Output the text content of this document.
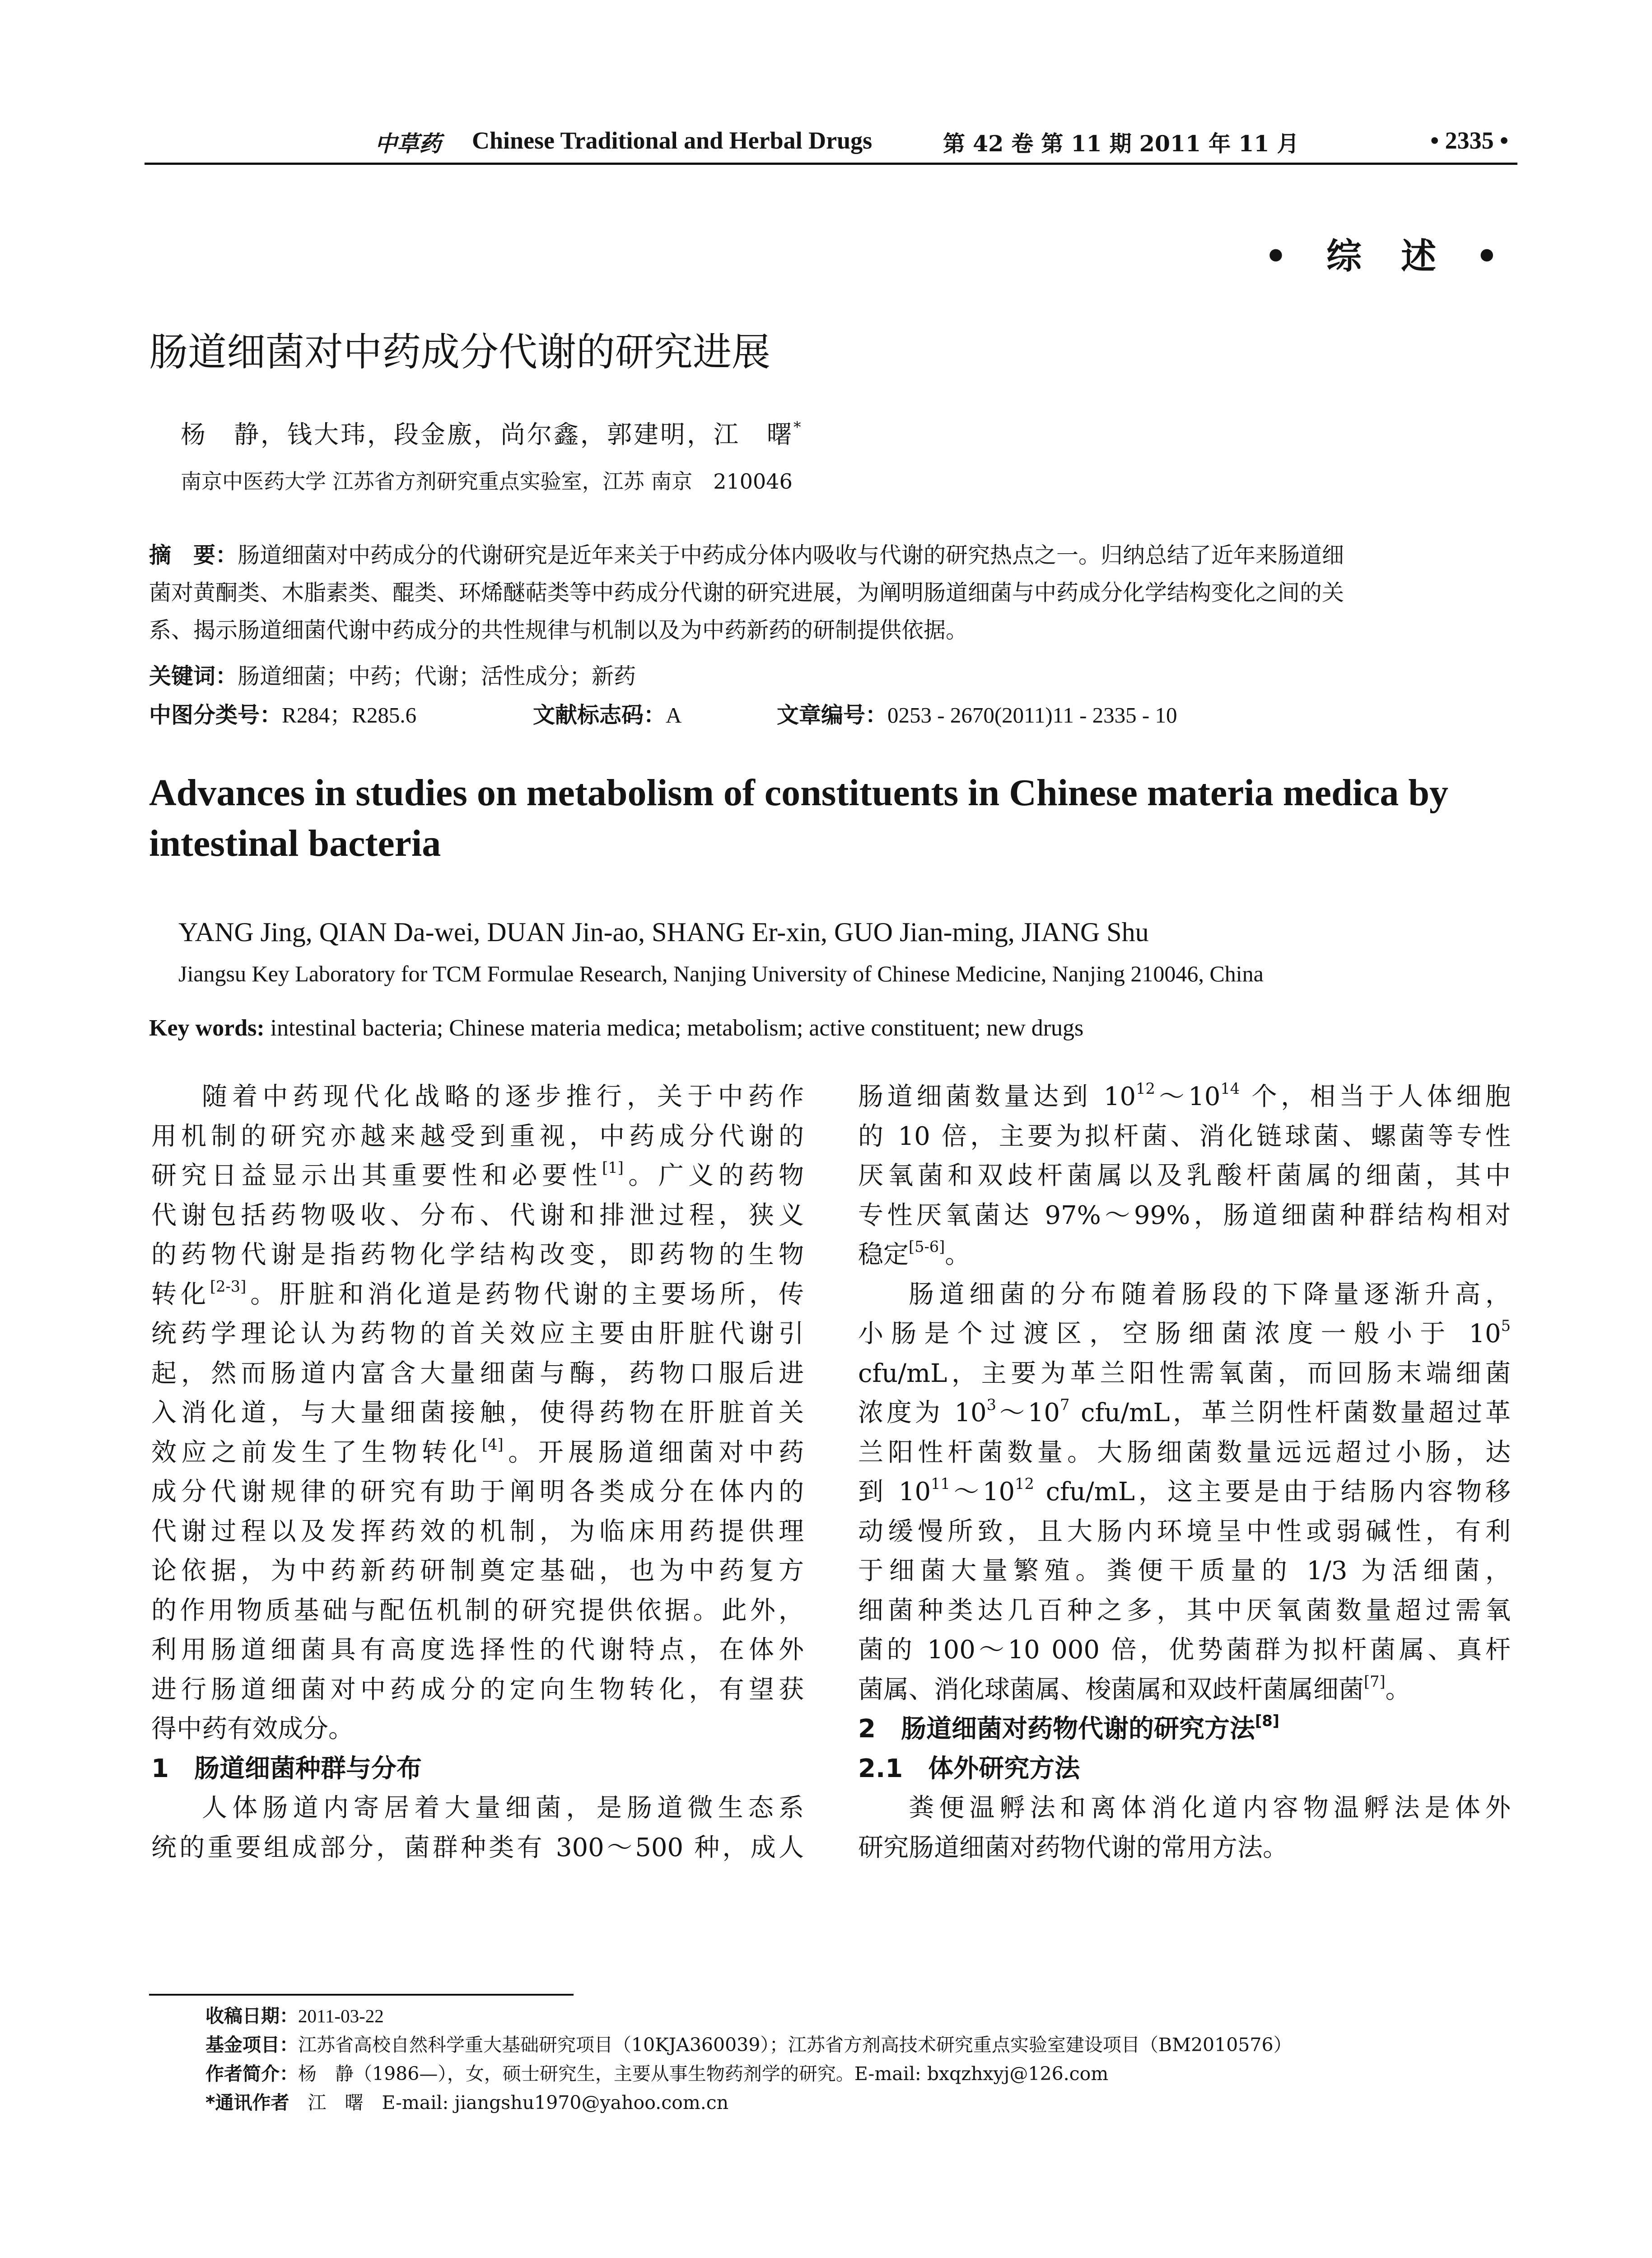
中草药 Chinese Traditional and Herbal Drugs	第 42 卷 第 11 期 2011 年 11 月	• 2335 •
• 综 述 •
肠道细菌对中药成分代谢的研究进展
杨　静，钱大玮，段金廒，尚尔鑫，郭建明，江　曙*
南京中医药大学 江苏省方剂研究重点实验室，江苏 南京　210046
摘　要：肠道细菌对中药成分的代谢研究是近年来关于中药成分体内吸收与代谢的研究热点之一。归纳总结了近年来肠道细
菌对黄酮类、木脂素类、醌类、环烯醚萜类等中药成分代谢的研究进展，为阐明肠道细菌与中药成分化学结构变化之间的关
系、揭示肠道细菌代谢中药成分的共性规律与机制以及为中药新药的研制提供依据。
关键词：肠道细菌；中药；代谢；活性成分；新药
中图分类号：R284；R285.6	文献标志码：A	文章编号：0253 - 2670(2011)11 - 2335 - 10
Advances in studies on metabolism of constituents in Chinese materia medica by intestinal bacteria
YANG Jing, QIAN Da-wei, DUAN Jin-ao, SHANG Er-xin, GUO Jian-ming, JIANG Shu
Jiangsu Key Laboratory for TCM Formulae Research, Nanjing University of Chinese Medicine, Nanjing 210046, China
Key words: intestinal bacteria; Chinese materia medica; metabolism; active constituent; new drugs
随着中药现代化战略的逐步推行，关于中药作
用机制的研究亦越来越受到重视，中药成分代谢的
研究日益显示出其重要性和必要性[1]。广义的药物
代谢包括药物吸收、分布、代谢和排泄过程，狭义
的药物代谢是指药物化学结构改变，即药物的生物
转化[2-3]。肝脏和消化道是药物代谢的主要场所，传
统药学理论认为药物的首关效应主要由肝脏代谢引
起，然而肠道内富含大量细菌与酶，药物口服后进
入消化道，与大量细菌接触，使得药物在肝脏首关
效应之前发生了生物转化[4]。开展肠道细菌对中药
成分代谢规律的研究有助于阐明各类成分在体内的
代谢过程以及发挥药效的机制，为临床用药提供理
论依据，为中药新药研制奠定基础，也为中药复方
的作用物质基础与配伍机制的研究提供依据。此外，
利用肠道细菌具有高度选择性的代谢特点，在体外
进行肠道细菌对中药成分的定向生物转化，有望获
得中药有效成分。
1　肠道细菌种群与分布
人体肠道内寄居着大量细菌，是肠道微生态系
统的重要组成部分，菌群种类有 300～500 种，成人
肠道细菌数量达到 $10^{12}\sim 10^{14}$ 个，相当于人体细胞
的 10 倍，主要为拟杆菌、消化链球菌、螺菌等专性
厌氧菌和双歧杆菌属以及乳酸杆菌属的细菌，其中
专性厌氧菌达 97%～99%，肠道细菌种群结构相对
稳定[5-6]。
肠道细菌的分布随着肠段的下降量逐渐升高，
小肠是个过渡区，空肠细菌浓度一般小于 $10^5$
cfu/mL，主要为革兰阳性需氧菌，而回肠末端细菌
浓度为 $10^3\sim 10^7$ cfu/mL，革兰阴性杆菌数量超过革
兰阳性杆菌数量。大肠细菌数量远远超过小肠，达
到 $10^{11}\sim 10^{12}$ cfu/mL，这主要是由于结肠内容物移
动缓慢所致，且大肠内环境呈中性或弱碱性，有利
于细菌大量繁殖。粪便干质量的 1/3 为活细菌，
细菌种类达几百种之多，其中厌氧菌数量超过需氧
菌的 100～10 000 倍，优势菌群为拟杆菌属、真杆
菌属、消化球菌属、梭菌属和双歧杆菌属细菌[7]。
2　肠道细菌对药物代谢的研究方法[8]
2.1　体外研究方法
粪便温孵法和离体消化道内容物温孵法是体外
研究肠道细菌对药物代谢的常用方法。
收稿日期：2011-03-22
基金项目：江苏省高校自然科学重大基础研究项目（10KJA360039）；江苏省方剂高技术研究重点实验室建设项目（BM2010576）
作者简介：杨　静（1986—），女，硕士研究生，主要从事生物药剂学的研究。E-mail: bxqzhxyj@126.com
*通讯作者　 江　曙　E-mail: jiangshu1970@yahoo.com.cn
